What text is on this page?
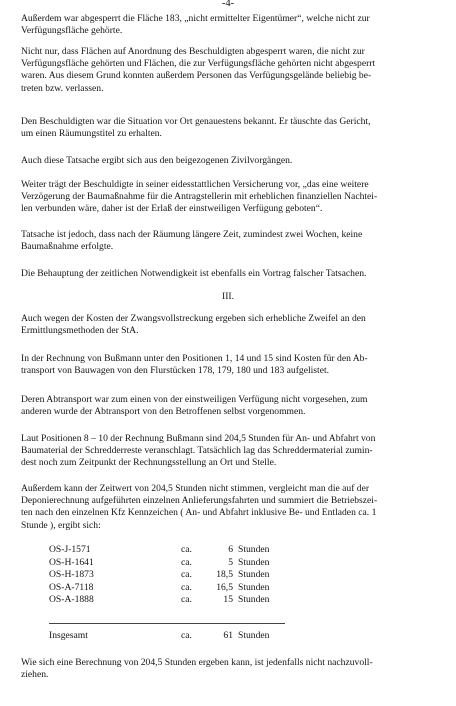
-4-
Außerdem war abgesperrt die Fläche 183, „nicht ermittelter Eigentümer“, welche nicht zur
Verfügungsfläche gehörte.
Nicht nur, dass Flächen auf Anordnung des Beschuldigten abgesperrt waren, die nicht zur
Verfügungsfläche gehörten und Flächen, die zur Verfügungsfläche gehörten nicht abgesperrt
waren. Aus diesem Grund konnten außerdem Personen das Verfügungsgelände beliebig be-
treten bzw. verlassen.
Den Beschuldigten war die Situation vor Ort genauestens bekannt. Er täuschte das Gericht,
um einen Räumungstitel zu erhalten.
Auch diese Tatsache ergibt sich aus den beigezogenen Zivilvorgängen.
Weiter trägt der Beschuldigte in seiner eidesstattlichen Versicherung vor, „das eine weitere
Verzögerung der Baumaßnahme für die Antragstellerin mit erheblichen finanziellen Nachtei-
len verbunden wäre, daher ist der Erlaß der einstweiligen Verfügung geboten“.
Tatsache ist jedoch, dass nach der Räumung längere Zeit, zumindest zwei Wochen, keine
Baumaßnahme erfolgte.
Die Behauptung der zeitlichen Notwendigkeit ist ebenfalls ein Vortrag falscher Tatsachen.
III.
Auch wegen der Kosten der Zwangsvollstreckung ergeben sich erhebliche Zweifel an den
Ermittlungsmethoden der StA.
In der Rechnung von Bußmann unter den Positionen 1, 14 und 15 sind Kosten für den Ab-
transport von Bauwagen von den Flurstücken 178, 179, 180 und 183 aufgelistet.
Deren Abtransport war zum einen von der einstweiligen Verfügung nicht vorgesehen, zum
anderen wurde der Abtransport von den Betroffenen selbst vorgenommen.
Laut Positionen 8 – 10 der Rechnung Bußmann sind 204,5 Stunden für An- und Abfahrt von
Baumaterial der Schredderreste veranschlagt. Tatsächlich lag das Schreddermaterial zumin-
dest noch zum Zeitpunkt der Rechnungsstellung an Ort und Stelle.
Außerdem kann der Zeitwert von 204,5 Stunden nicht stimmen, vergleicht man die auf der
Deponierechnung aufgeführten einzelnen Anlieferungsfahrten und summiert die Betriebszei-
ten nach den einzelnen Kfz Kennzeichen ( An- und Abfahrt inklusive Be- und Entladen ca. 1
Stunde ), ergibt sich:
OS-J-1571	ca.	6 Stunden
OS-H-1641	ca.	5 Stunden
OS-H-1873	ca.	18,5 Stunden
OS-A-7118	ca.	16,5 Stunden
OS-A-1888	ca.	15 Stunden
Insgesamt	ca.	61 Stunden
Wie sich eine Berechnung von 204,5 Stunden ergeben kann, ist jedenfalls nicht nachzuvoll-
ziehen.
